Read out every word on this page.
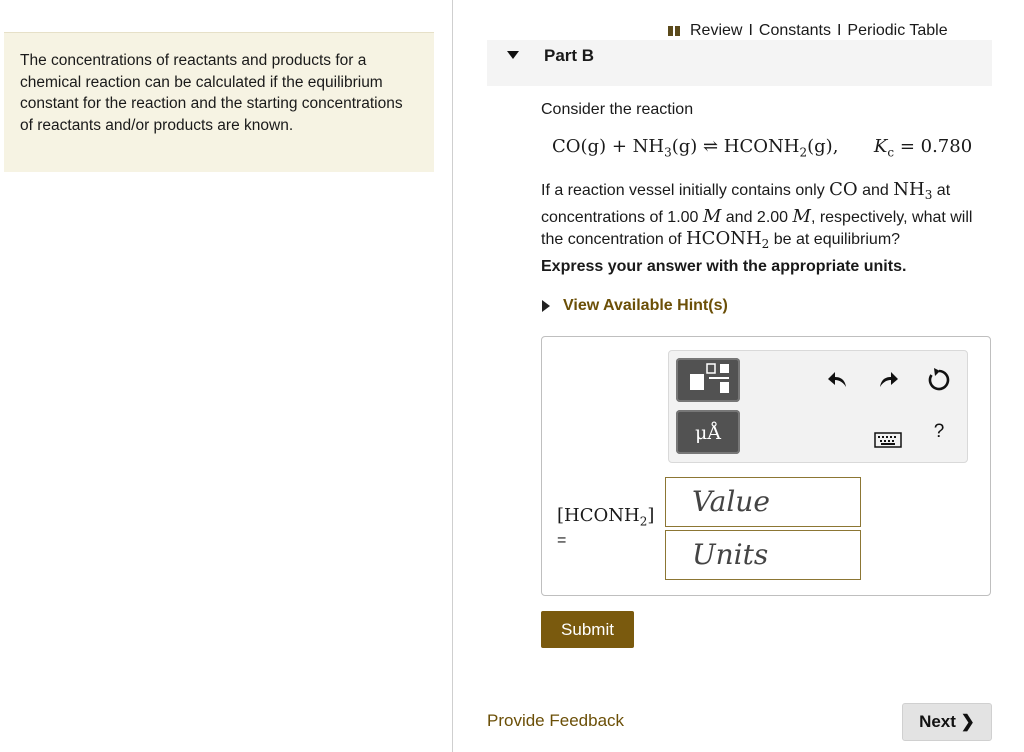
The concentrations of reactants and products for a chemical reaction can be calculated if the equilibrium constant for the reaction and the starting concentrations of reactants and/or products are known.
Review I Constants I Periodic Table
Part B
Consider the reaction
$CO(g) + NH_3(g)$ ⇌ $HCONH_2(g)$, $K_c = 0.780$
If a reaction vessel initially contains only CO and $NH_3$ at concentrations of 1.00 M and 2.00 M, respectively, what will the concentration of $HCONH_2$ be at equilibrium?
Express your answer with the appropriate units.
View Available Hint(s)
μÅ	?
$[HCONH_2]$
=
Value
Units
Submit
Provide Feedback	Next ❯
